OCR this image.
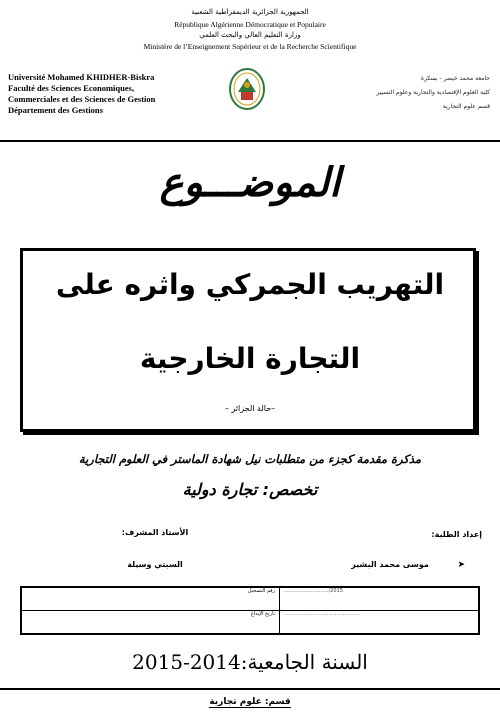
الجمهورية الجزائرية الديمقراطية الشعبية
République Algérienne Démocratique et Populaire
وزارة التعليم العالي والبحث العلمي
Ministère de l’Enseignement Supérieur et de la Recherche Scientifique
Université Mohamed KHIDHER-Biskra
Faculté des Sciences Economiques,
Commerciales et des Sciences de Gestion
Département des Gestions
جامعة محمد خيضر - بسكرة
كلية العلوم الإقتصادية والتجارية وعلوم التسيير
قسم علوم التجارية
الموضـــوع
التهريب الجمركي واثره على
التجارة الخارجية
–حالة الجزائر –
مذكرة مقدمة كجزء من متطلبات نيل شهادة الماستر في العلوم التجارية
تخصص: تجارة دولية
إعداد الطلبة:
الأستاذ المشرف:
موسى محمد البشير	➤
السبتي وسيلة
رقم التسجيل	............................/2015
تاريخ الإيداع	................................................
السنة الجامعية:2014-2015
قسم: علوم تجارية
